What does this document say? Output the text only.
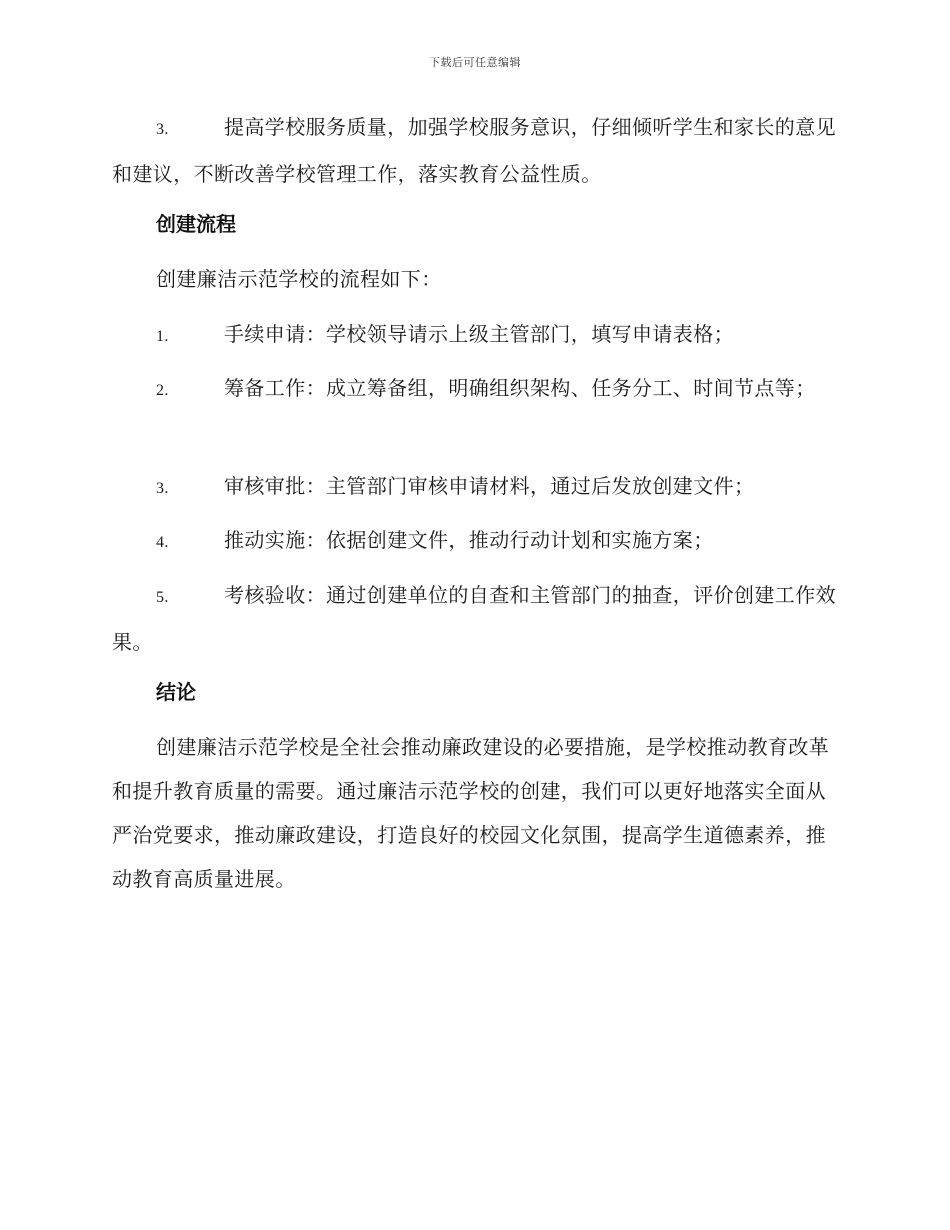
下载后可任意编辑
3.	提高学校服务质量，加强学校服务意识，仔细倾听学生和家长的意见和建议，不断改善学校管理工作，落实教育公益性质。
创建流程
创建廉洁示范学校的流程如下：
1.	手续申请：学校领导请示上级主管部门，填写申请表格；
2.	筹备工作：成立筹备组，明确组织架构、任务分工、时间节点等；
3.	审核审批：主管部门审核申请材料，通过后发放创建文件；
4.	推动实施：依据创建文件，推动行动计划和实施方案；
5.	考核验收：通过创建单位的自查和主管部门的抽查，评价创建工作效果。
结论
创建廉洁示范学校是全社会推动廉政建设的必要措施，是学校推动教育改革和提升教育质量的需要。通过廉洁示范学校的创建，我们可以更好地落实全面从严治党要求，推动廉政建设，打造良好的校园文化氛围，提高学生道德素养，推动教育高质量进展。
